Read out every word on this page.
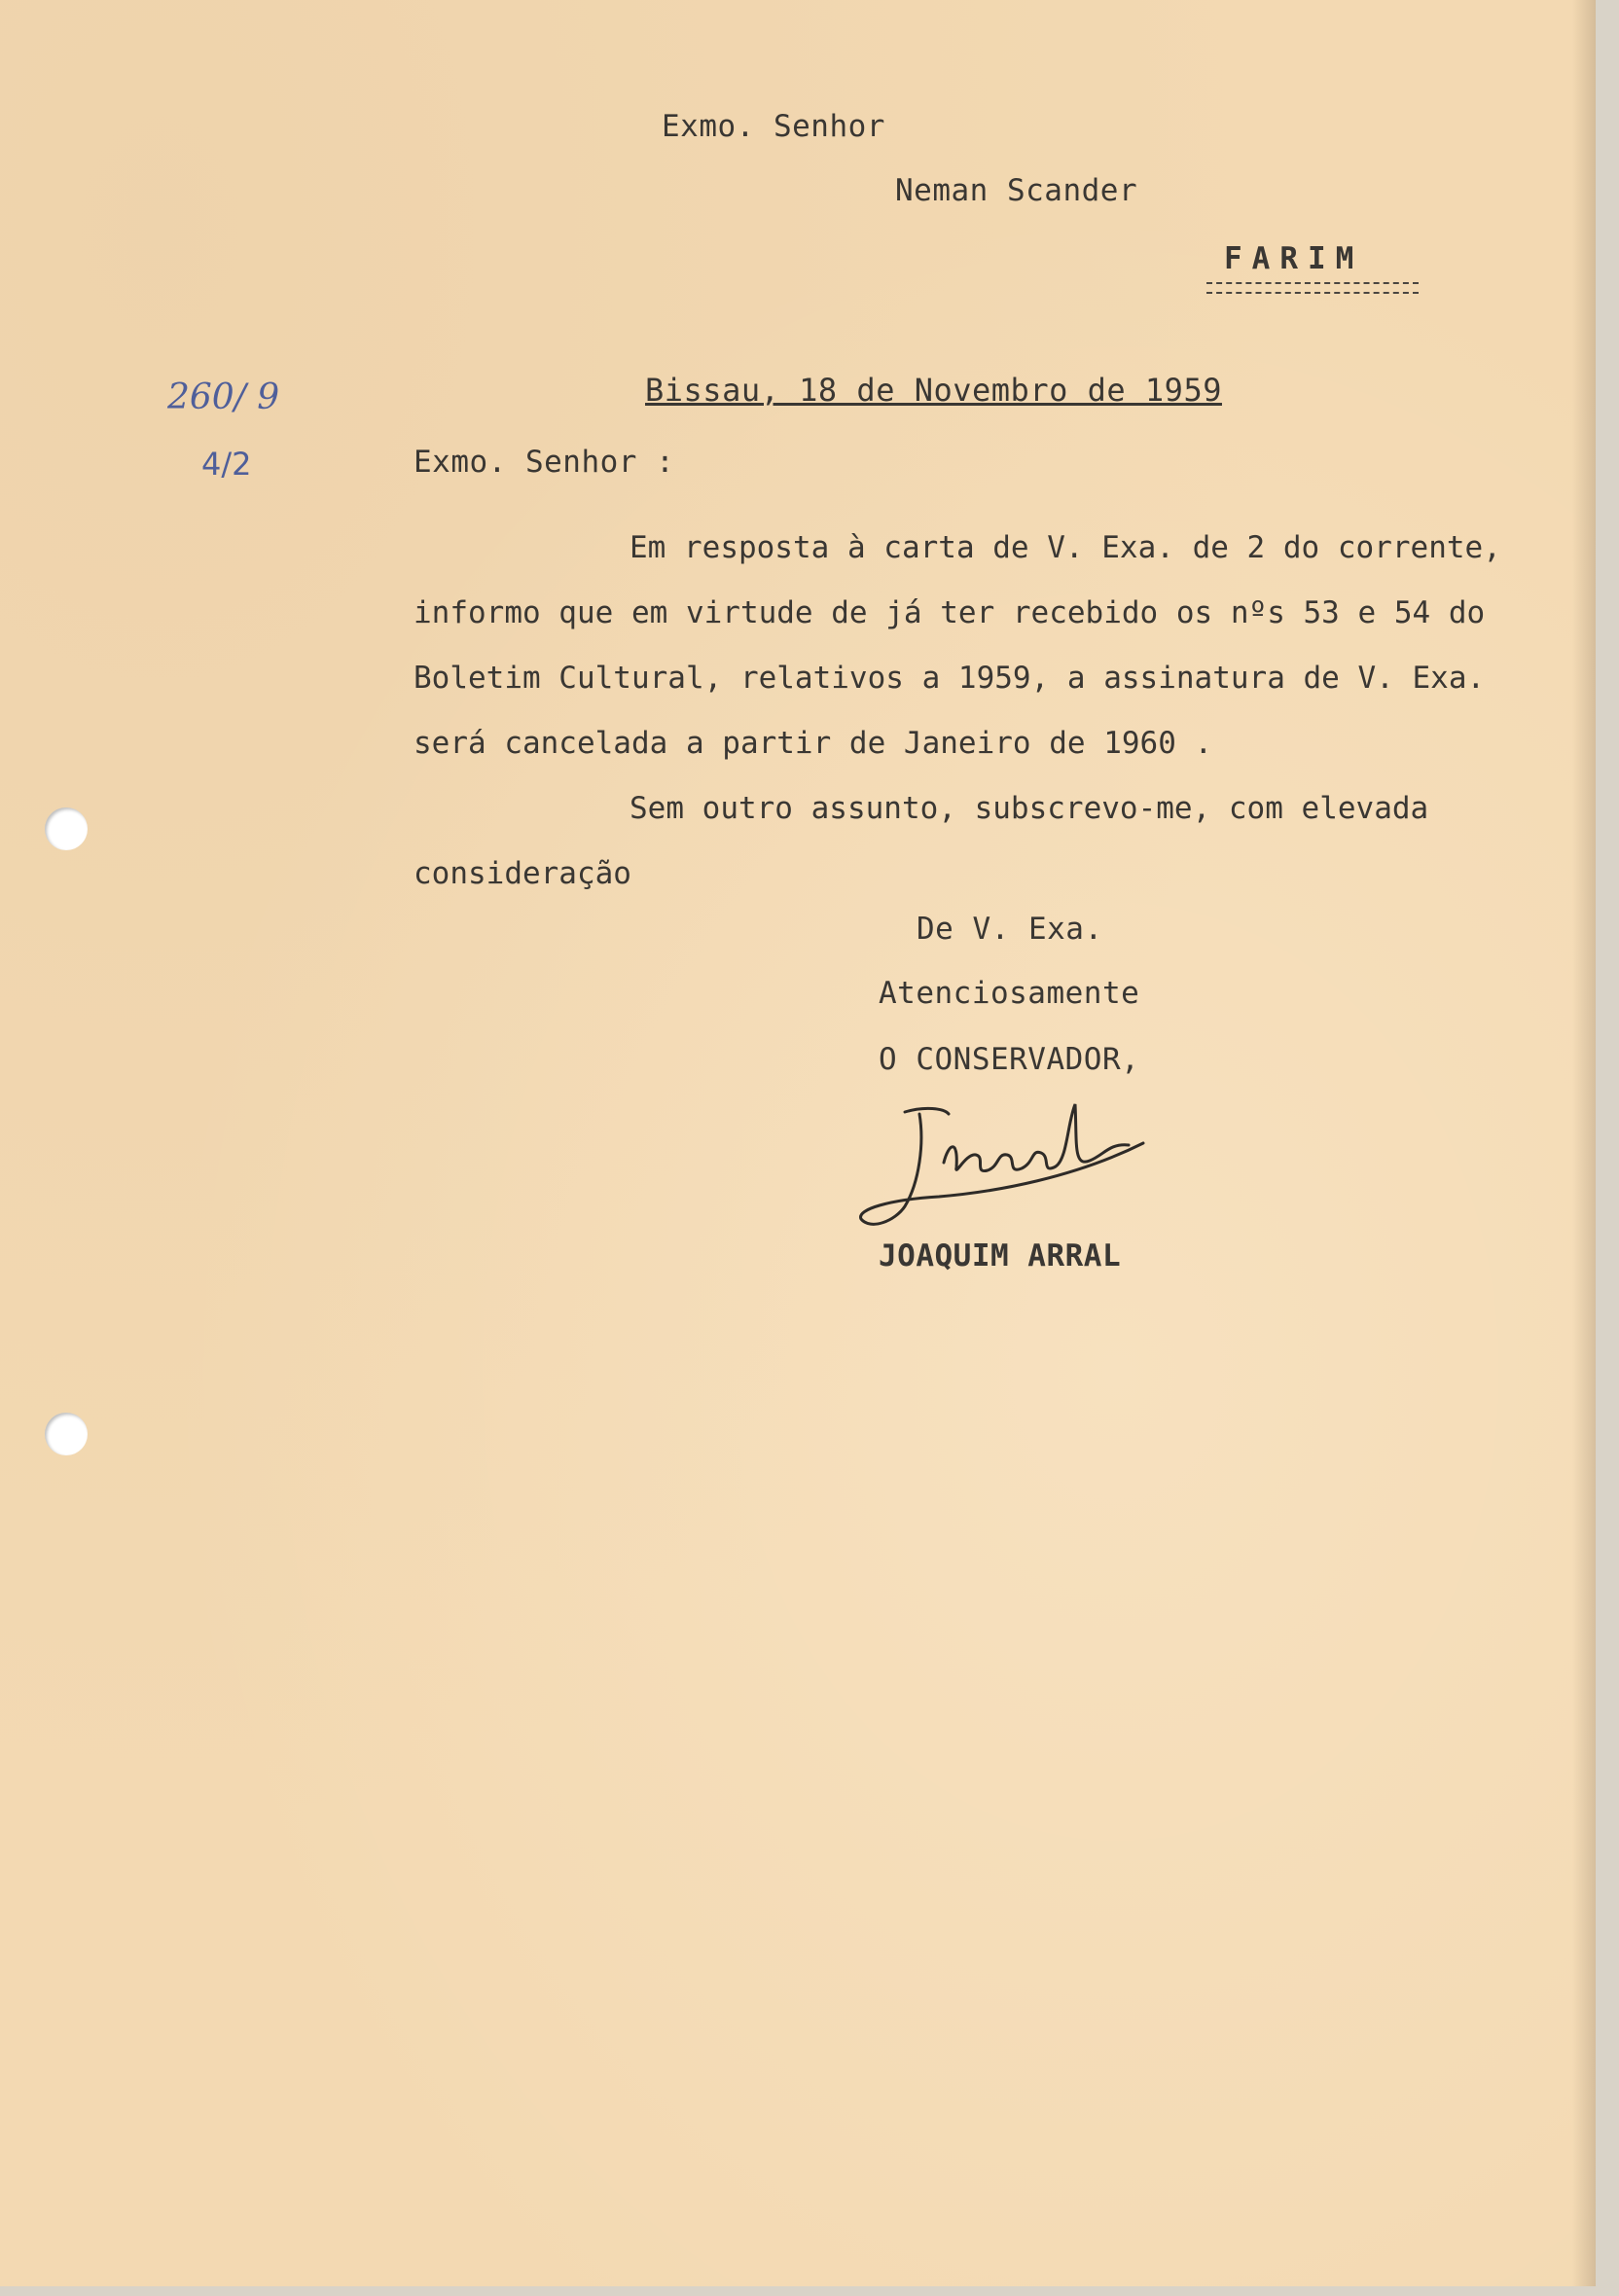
260/ 9
4/2
Exmo. Senhor
Neman Scander
FARIM
Bissau, 18 de Novembro de 1959
Exmo. Senhor :

Em resposta à carta de V. Exa. de 2 do corrente, informo que em virtude de já ter recebido os nºs 53 e 54 do Boletim Cultural, relativos a 1959, a assinatura de V. Exa. será cancelada a partir de Janeiro de 1960 .

Sem outro assunto, subscrevo-me, com elevada consideração

De V. Exa.
Atenciosamente
O CONSERVADOR,
JOAQUIM ARRAL
